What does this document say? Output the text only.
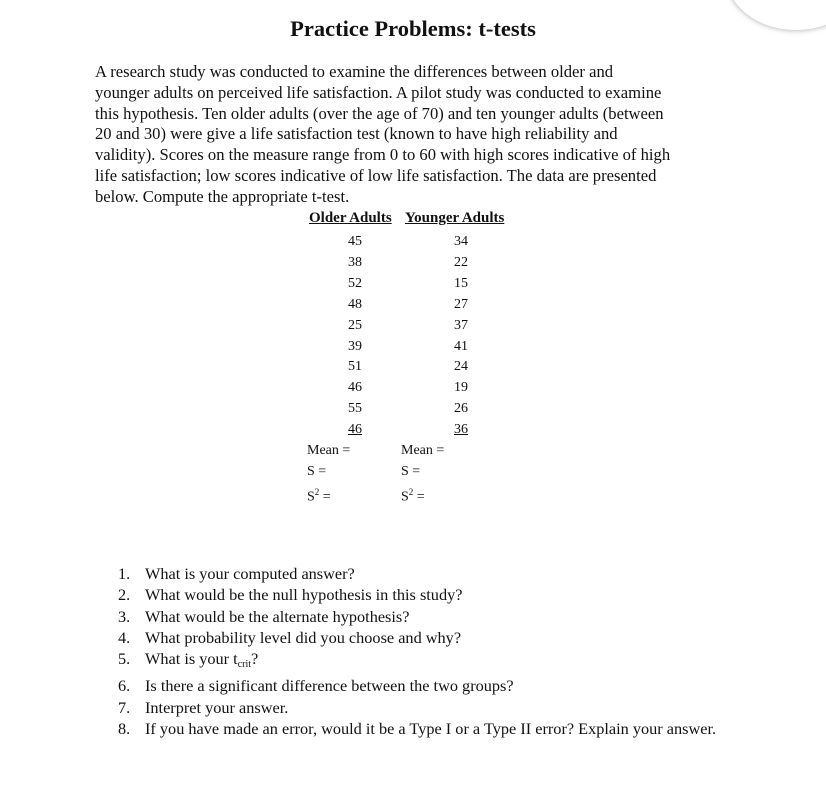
Practice Problems: t-tests
A research study was conducted to examine the differences between older and
younger adults on perceived life satisfaction. A pilot study was conducted to examine
this hypothesis. Ten older adults (over the age of 70) and ten younger adults (between
20 and 30) were give a life satisfaction test (known to have high reliability and
validity). Scores on the measure range from 0 to 60 with high scores indicative of high
life satisfaction; low scores indicative of low life satisfaction. The data are presented
below. Compute the appropriate t-test.
Older Adults Younger Adults
45
38
52
48
25
39
51
46
55
46
34
22
15
27
37
41
24
19
26
36
Mean =
S =
$S^2$ =
Mean =
S =
$S^2$ =
1. What is your computed answer?
2. What would be the null hypothesis in this study?
3. What would be the alternate hypothesis?
4. What probability level did you choose and why?
5. What is your $t_{crit}$?
6. Is there a significant difference between the two groups?
7. Interpret your answer.
8. If you have made an error, would it be a Type I or a Type II error? Explain your answer.
